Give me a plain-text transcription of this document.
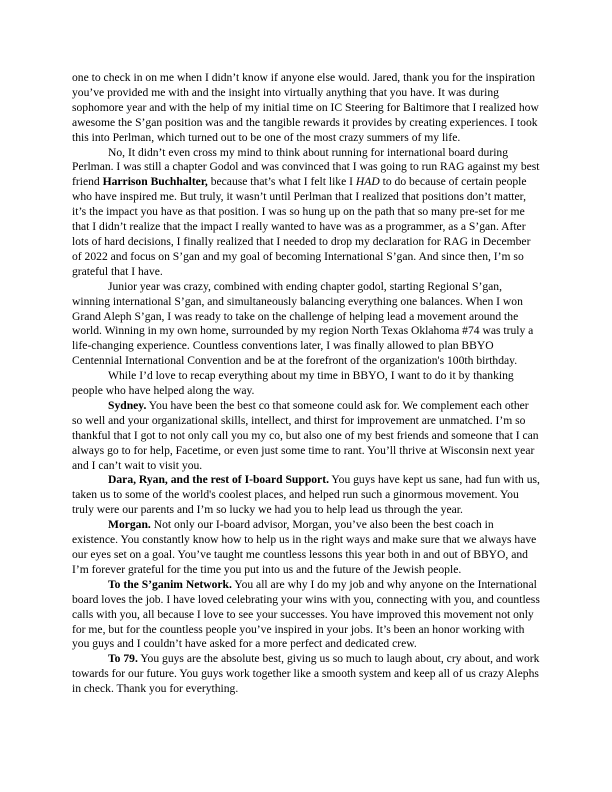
one to check in on me when I didn’t know if anyone else would. Jared, thank you for the inspiration you’ve provided me with and the insight into virtually anything that you have. It was during sophomore year and with the help of my initial time on IC Steering for Baltimore that I realized how awesome the S’gan position was and the tangible rewards it provides by creating experiences. I took this into Perlman, which turned out to be one of the most crazy summers of my life.

No, It didn’t even cross my mind to think about running for international board during Perlman. I was still a chapter Godol and was convinced that I was going to run RAG against my best friend Harrison Buchhalter, because that’s what I felt like I HAD to do because of certain people who have inspired me. But truly, it wasn’t until Perlman that I realized that positions don’t matter, it’s the impact you have as that position. I was so hung up on the path that so many pre-set for me that I didn’t realize that the impact I really wanted to have was as a programmer, as a S’gan. After lots of hard decisions, I finally realized that I needed to drop my declaration for RAG in December of 2022 and focus on S’gan and my goal of becoming International S’gan. And since then, I’m so grateful that I have.

Junior year was crazy, combined with ending chapter godol, starting Regional S’gan, winning international S’gan, and simultaneously balancing everything one balances. When I won Grand Aleph S’gan, I was ready to take on the challenge of helping lead a movement around the world. Winning in my own home, surrounded by my region North Texas Oklahoma #74 was truly a life-changing experience. Countless conventions later, I was finally allowed to plan BBYO Centennial International Convention and be at the forefront of the organization's 100th birthday.

While I’d love to recap everything about my time in BBYO, I want to do it by thanking people who have helped along the way.

Sydney. You have been the best co that someone could ask for. We complement each other so well and your organizational skills, intellect, and thirst for improvement are unmatched. I’m so thankful that I got to not only call you my co, but also one of my best friends and someone that I can always go to for help, Facetime, or even just some time to rant. You’ll thrive at Wisconsin next year and I can’t wait to visit you.

Dara, Ryan, and the rest of I-board Support. You guys have kept us sane, had fun with us, taken us to some of the world's coolest places, and helped run such a ginormous movement. You truly were our parents and I’m so lucky we had you to help lead us through the year.

Morgan. Not only our I-board advisor, Morgan, you’ve also been the best coach in existence. You constantly know how to help us in the right ways and make sure that we always have our eyes set on a goal. You’ve taught me countless lessons this year both in and out of BBYO, and I’m forever grateful for the time you put into us and the future of the Jewish people.

To the S’ganim Network. You all are why I do my job and why anyone on the International board loves the job. I have loved celebrating your wins with you, connecting with you, and countless calls with you, all because I love to see your successes. You have improved this movement not only for me, but for the countless people you’ve inspired in your jobs. It’s been an honor working with you guys and I couldn’t have asked for a more perfect and dedicated crew.

To 79. You guys are the absolute best, giving us so much to laugh about, cry about, and work towards for our future. You guys work together like a smooth system and keep all of us crazy Alephs in check. Thank you for everything.
